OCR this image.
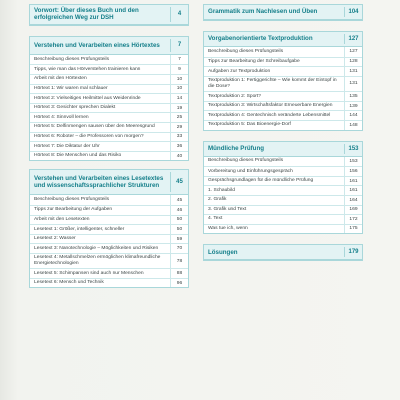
Vorwort: Über dieses Buch und den erfolgreichen Weg zur DSH	4
Verstehen und Verarbeiten eines Hörtextes	7
Beschreibung dieses Prüfungsteils	7
Tipps, wie man das Hörverstehen trainieren kann	9
Arbeit mit den Hörtexten	10
Hörtext 1: Wir waren mal schlauer	10
Hörtext 2: Vielseitiges Heilmittel aus Weidenrinde	14
Hörtext 3: Gesichter sprechen Dialekt	19
Hörtext 4: Sinnvoll lernen	25
Hörtext 5: Delfinmengen sausen über den Meeresgrund	29
Hörtext 6: Roboter – die Professoren von morgen?	33
Hörtext 7: Die Diktatur der Uhr	36
Hörtext 8: Die Menschen und das Risiko	40
Verstehen und Verarbeiten eines Lesetextes und wissenschaftssprachlicher Strukturen	45
Beschreibung dieses Prüfungsteils	45
Tipps zur Bearbeitung der Aufgaben	46
Arbeit mit den Lesetexten	50
Lesetext 1: Größer, intelligenter, schneller	50
Lesetext 2: Wasser	59
Lesetext 3: Nanotechnologie – Möglichkeiten und Risiken	70
Lesetext 4: Metallschmelzen ermöglichen klimafreundliche Energietechnologien	78
Lesetext 5: Schimpansen sind auch nur Menschen	88
Lesetext 6: Mensch und Technik	96
Grammatik zum Nachlesen und Üben	104
Vorgabenorientierte Textproduktion	127
Beschreibung dieses Prüfungsteils	127
Tipps zur Bearbeitung der Schreibaufgabe	128
Aufgaben zur Textproduktion	131
Textproduktion 1: Fertiggerichte – Wie kommt der Eintopf in die Dose?	131
Textproduktion 2: Sport?	135
Textproduktion 3: Wirtschaftsfaktor Erneuerbare Energien	139
Textproduktion 4: Gentechnisch veränderte Lebensmittel	144
Textproduktion 5: Das Bioenergie-Dorf	148
Mündliche Prüfung	153
Beschreibung dieses Prüfungsteils	153
Vorbereitung und Einführungsgespräch	156
Gesprächsgrundlagen für die mündliche Prüfung	161
1. Schaubild	161
2. Grafik	164
3. Grafik und Text	169
4. Text	172
Was tue ich, wenn	175
Lösungen	179
